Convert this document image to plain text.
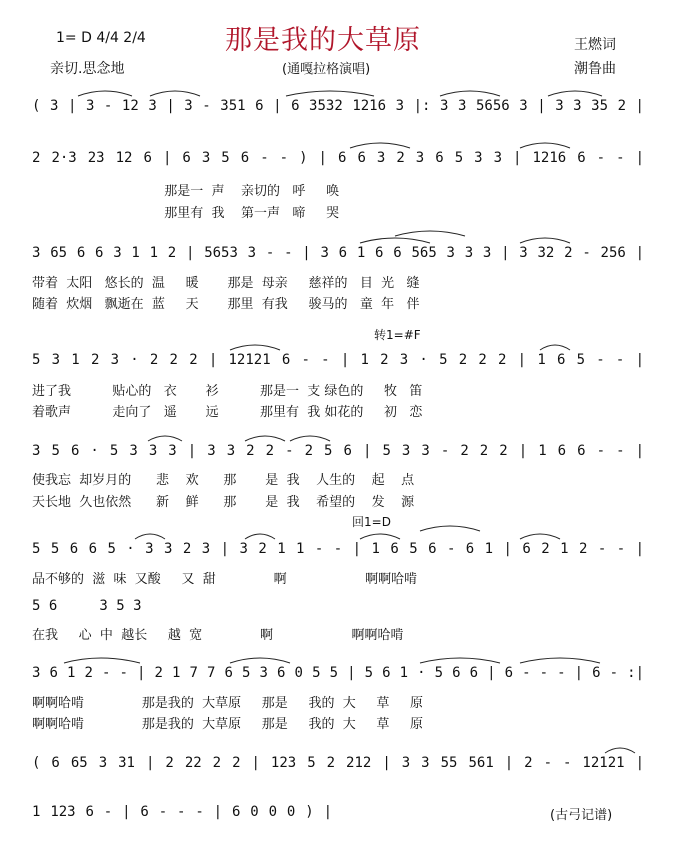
1= D 4/4 2/4
亲切.思念地
那是我的大草原
(通嘎拉格演唱)
王燃词
潮鲁曲
( 3 | 3 - 12 3 | 3 - 351 6 | 6 3532 1216 3 |: 3 3 5656 3 | 3 3 35 2 |
2 2·3 23 12 6 | 6 3 5 6 - - ) | 6 6 3 2 3 6 5 3 3 | 1216 6 - - |
那是一  声    亲切的   呼     唤
那里有  我    第一声   啼     哭
3 65 6 6 3 1 1 2 | 5653 3 - - | 3 6 1 6 6 565 3 3 3 | 3 32 2 - 256 |
带着  太阳   悠长的  温     暖       那是  母亲     慈祥的   目  光   缝
随着  炊烟   飘逝在  蓝     天       那里  有我     骏马的   童  年   伴
转1=#F
5 3 1 2 3 · 2 2 2 | 12121 6 - - | 1 2 3 · 5 2 2 2 | 1 6 5 - - |
进了我          贴心的   衣       衫          那是一  支 绿色的     牧   笛
着歌声          走向了   遥       远          那里有  我 如花的     初   恋
3 5 6 · 5 3 3 3 | 3 3 2 2 - 2 5 6 | 5 3 3 - 2 2 2 | 1 6 6 - - |
使我忘  却岁月的      悲    欢      那       是  我    人生的    起    点
天长地  久也依然      新    鲜      那       是  我    希望的    发    源
回1=D
5 5 6 6 5 · 3 3 2 3 | 3 2 1 1 - - | 1 6 5 6 - 6 1 | 6 2 1 2 - - |
品不够的  滋  味  又酸     又  甜              啊                   啊啊哈啃
5 6     3 5 3
在我     心  中  越长     越  宽              啊                   啊啊哈啃
3 6 1 2 - - | 2 1 7 7 6 5 3 6 0 5 5 | 5 6 1 · 5 6 6 | 6 - - - | 6 - :|
啊啊哈啃              那是我的  大草原     那是     我的  大     草     原
啊啊哈啃              那是我的  大草原     那是     我的  大     草     原
( 6 65 3 31 | 2 22 2 2 | 123 5 2 212 | 3 3 55 561 | 2 - - 12121 |
1 123 6 - | 6 - - - | 6 0 0 0 ) |	(古弓记谱)
